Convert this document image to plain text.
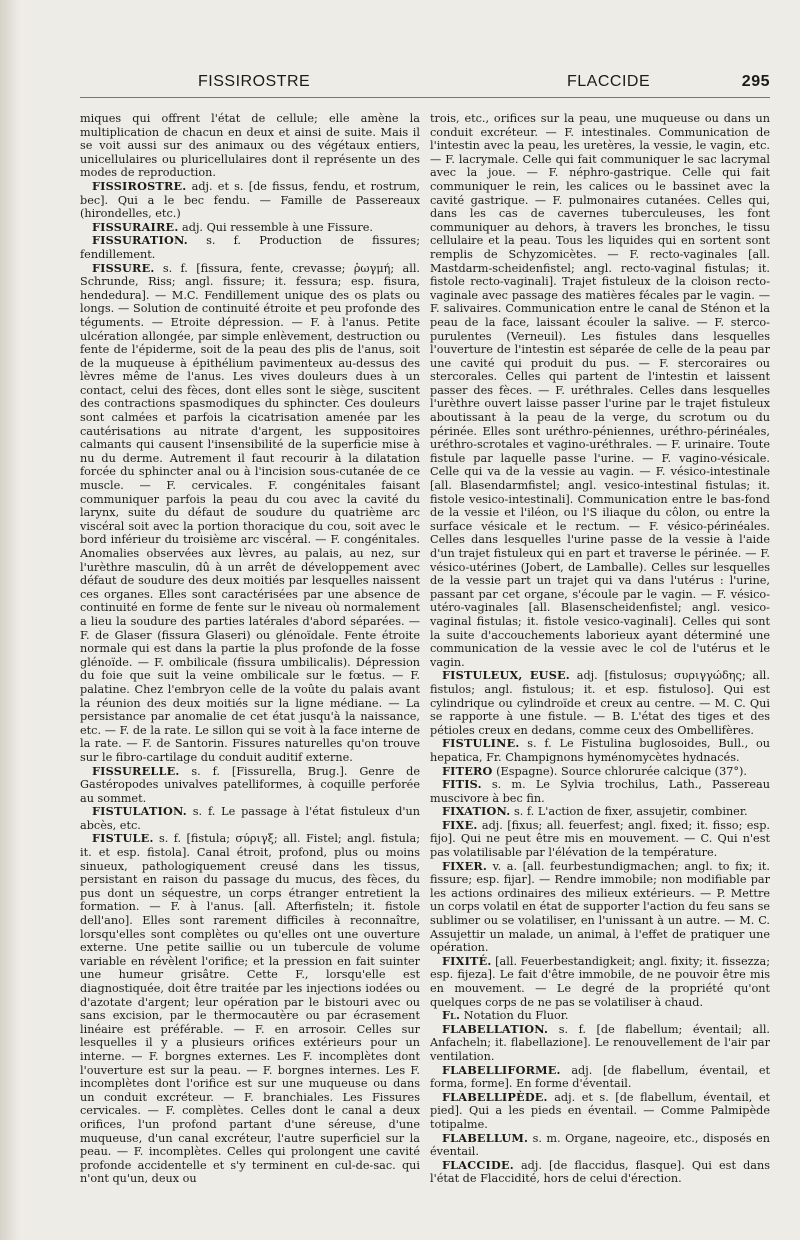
FISSIROSTRE	FLACCIDE	295

miques qui offrent l'état de cellule; elle amène la multiplication de chacun en deux et ainsi de suite. Mais il se voit aussi sur des animaux ou des végétaux entiers, unicellulaires ou pluricellulaires dont il représente un des modes de reproduction.

FISSIROSTRE. adj. et s. [de fissus, fendu, et rostrum, bec]. Qui a le bec fendu. — Famille de Passereaux (hirondelles, etc.)

FISSURAIRE. adj. Qui ressemble à une Fissure.

FISSURATION. s. f. Production de fissures; fendillement.

FISSURE. s. f. [fissura, fente, crevasse; ῥωγμή; all. Schrunde, Riss; angl. fissure; it. fessura; esp. fisura, hendedura]. — M.C. Fendillement unique des os plats ou longs. — Solution de continuité étroite et peu profonde des téguments. — Etroite dépression. — F. à l'anus. Petite ulcération allongée, par simple enlèvement, destruction ou fente de l'épiderme, soit de la peau des plis de l'anus, soit de la muqueuse à épithélium pavimenteux au-dessus des lèvres même de l'anus. Les vives douleurs dues à un contact, celui des fèces, dont elles sont le siège, suscitent des contractions spasmodiques du sphincter. Ces douleurs sont calmées et parfois la cicatrisation amenée par les cautérisations au nitrate d'argent, les suppositoires calmants qui causent l'insensibilité de la superficie mise à nu du derme. Autrement il faut recourir à la dilatation forcée du sphincter anal ou à l'incision sous-cutanée de ce muscle. — F. cervicales. F. congénitales faisant communiquer parfois la peau du cou avec la cavité du larynx, suite du défaut de soudure du quatrième arc viscéral soit avec la portion thoracique du cou, soit avec le bord inférieur du troisième arc viscéral. — F. congénitales. Anomalies observées aux lèvres, au palais, au nez, sur l'urèthre masculin, dû à un arrêt de développement avec défaut de soudure des deux moitiés par lesquelles naissent ces organes. Elles sont caractérisées par une absence de continuité en forme de fente sur le niveau où normalement a lieu la soudure des parties latérales d'abord séparées. — F. de Glaser (fissura Glaseri) ou glénoïdale. Fente étroite normale qui est dans la partie la plus profonde de la fosse glénoïde. — F. ombilicale (fissura umbilicalis). Dépression du foie que suit la veine ombilicale sur le fœtus. — F. palatine. Chez l'embryon celle de la voûte du palais avant la réunion des deux moitiés sur la ligne médiane. — La persistance par anomalie de cet état jusqu'à la naissance, etc. — F. de la rate. Le sillon qui se voit à la face interne de la rate. — F. de Santorin. Fissures naturelles qu'on trouve sur le fibro-cartilage du conduit auditif externe.

FISSURELLE. s. f. [Fissurella, Brug.]. Genre de Gastéropodes univalves patelliformes, à coquille perforée au sommet.

FISTULATION. s. f. Le passage à l'état fistuleux d'un abcès, etc.

FISTULE. s. f. [fistula; σύριγξ; all. Fistel; angl. fistula; it. et esp. fistola]. Canal étroit, profond, plus ou moins sinueux, pathologiquement creusé dans les tissus, persistant en raison du passage du mucus, des fèces, du pus dont un séquestre, un corps étranger entretient la formation. — F. à l'anus. [all. Afterfisteln; it. fistole dell'ano]. Elles sont rarement difficiles à reconnaître, lorsqu'elles sont complètes ou qu'elles ont une ouverture externe. Une petite saillie ou un tubercule de volume variable en révèlent l'orifice; et la pression en fait suinter une humeur grisâtre. Cette F., lorsqu'elle est diagnostiquée, doit être traitée par les injections iodées ou d'azotate d'argent; leur opération par le bistouri avec ou sans excision, par le thermocautère ou par écrasement linéaire est préférable. — F. en arrosoir. Celles sur lesquelles il y a plusieurs orifices extérieurs pour un interne. — F. borgnes externes. Les F. incomplètes dont l'ouverture est sur la peau. — F. borgnes internes. Les F. incomplètes dont l'orifice est sur une muqueuse ou dans un conduit excréteur. — F. branchiales. Les Fissures cervicales. — F. complètes. Celles dont le canal a deux orifices, l'un profond partant d'une séreuse, d'une muqueuse, d'un canal excréteur, l'autre superficiel sur la peau. — F. incomplètes. Celles qui prolongent une cavité profonde accidentelle et s'y terminent en cul-de-sac. qui n'ont qu'un, deux ou

trois, etc., orifices sur la peau, une muqueuse ou dans un conduit excréteur. — F. intestinales. Communication de l'intestin avec la peau, les uretères, la vessie, le vagin, etc. — F. lacrymale. Celle qui fait communiquer le sac lacrymal avec la joue. — F. néphro-gastrique. Celle qui fait communiquer le rein, les calices ou le bassinet avec la cavité gastrique. — F. pulmonaires cutanées. Celles qui, dans les cas de cavernes tuberculeuses, les font communiquer au dehors, à travers les bronches, le tissu cellulaire et la peau. Tous les liquides qui en sortent sont remplis de Schyzomicètes. — F. recto-vaginales [all. Mastdarm-scheidenfistel; angl. recto-vaginal fistulas; it. fistole recto-vaginali]. Trajet fistuleux de la cloison recto-vaginale avec passage des matières fécales par le vagin. — F. salivaires. Communication entre le canal de Sténon et la peau de la face, laissant écouler la salive. — F. sterco-purulentes (Verneuil). Les fistules dans lesquelles l'ouverture de l'intestin est séparée de celle de la peau par une cavité qui produit du pus. — F. stercoraires ou stercorales. Celles qui partent de l'intestin et laissent passer des fèces. — F. uréthrales. Celles dans lesquelles l'urèthre ouvert laisse passer l'urine par le trajet fistuleux aboutissant à la peau de la verge, du scrotum ou du périnée. Elles sont uréthro-péniennes, uréthro-périnéales, uréthro-scrotales et vagino-uréthrales. — F. urinaire. Toute fistule par laquelle passe l'urine. — F. vagino-vésicale. Celle qui va de la vessie au vagin. — F. vésico-intestinale [all. Blasendarmfistel; angl. vesico-intestinal fistulas; it. fistole vesico-intestinali]. Communication entre le bas-fond de la vessie et l'iléon, ou l'S iliaque du côlon, ou entre la surface vésicale et le rectum. — F. vésico-périnéales. Celles dans lesquelles l'urine passe de la vessie à l'aide d'un trajet fistuleux qui en part et traverse le périnée. — F. vésico-utérines (Jobert, de Lamballe). Celles sur lesquelles de la vessie part un trajet qui va dans l'utérus : l'urine, passant par cet organe, s'écoule par le vagin. — F. vésico-utéro-vaginales [all. Blasenscheidenfistel; angl. vesico-vaginal fistulas; it. fistole vesico-vaginali]. Celles qui sont la suite d'accouchements laborieux ayant déterminé une communication de la vessie avec le col de l'utérus et le vagin.

FISTULEUX, EUSE. adj. [fistulosus; συριγγώδης; all. fistulos; angl. fistulous; it. et esp. fistuloso]. Qui est cylindrique ou cylindroïde et creux au centre. — M. C. Qui se rapporte à une fistule. — B. L'état des tiges et des pétioles creux en dedans, comme ceux des Ombellifères.

FISTULINE. s. f. Le Fistulina buglosoides, Bull., ou hepatica, Fr. Champignons hyménomycètes hydnacés.

FITERO (Espagne). Source chlorurée calcique (37°).

FITIS. s. m. Le Sylvia trochilus, Lath., Passereau muscivore à bec fin.

FIXATION. s. f. L'action de fixer, assujetir, combiner.

FIXE. adj. [fixus; all. feuerfest; angl. fixed; it. fisso; esp. fijo]. Qui ne peut être mis en mouvement. — C. Qui n'est pas volatilisable par l'élévation de la température.

FIXER. v. a. [all. feurbestundigmachen; angl. to fix; it. fissure; esp. fijar]. — Rendre immobile; non modifiable par les actions ordinaires des milieux extérieurs. — P. Mettre un corps volatil en état de supporter l'action du feu sans se sublimer ou se volatiliser, en l'unissant à un autre. — M. C. Assujettir un malade, un animal, à l'effet de pratiquer une opération.

FIXITÉ. [all. Feuerbestandigkeit; angl. fixity; it. fissezza; esp. fijeza]. Le fait d'être immobile, de ne pouvoir être mis en mouvement. — Le degré de la propriété qu'ont quelques corps de ne pas se volatiliser à chaud.

Fl. Notation du Fluor.

FLABELLATION. s. f. [de flabellum; éventail; all. Anfacheln; it. flabellazione]. Le renouvellement de l'air par ventilation.

FLABELLIFORME. adj. [de flabellum, éventail, et forma, forme]. En forme d'éventail.

FLABELLIPÈDE. adj. et s. [de flabellum, éventail, et pied]. Qui a les pieds en éventail. — Comme Palmipède totipalme.

FLABELLUM. s. m. Organe, nageoire, etc., disposés en éventail.

FLACCIDE. adj. [de flaccidus, flasque]. Qui est dans l'état de Flaccidité, hors de celui d'érection.
